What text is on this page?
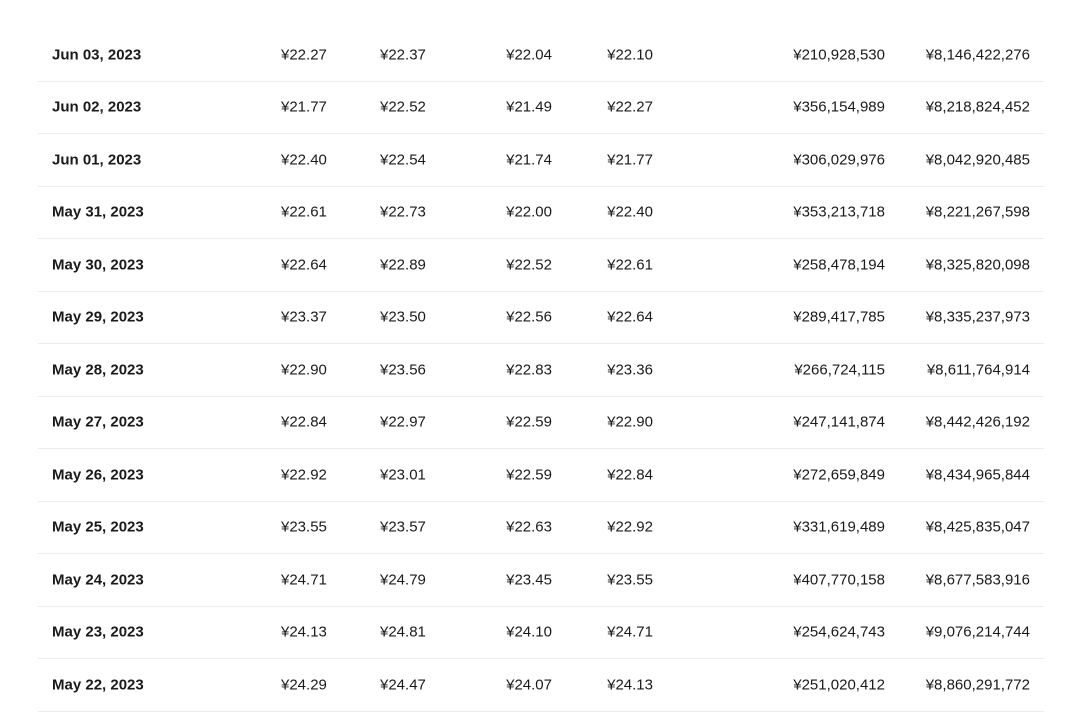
Jun 03, 2023	¥22.27	¥22.37	¥22.04	¥22.10	¥210,928,530	¥8,146,422,276
Jun 02, 2023	¥21.77	¥22.52	¥21.49	¥22.27	¥356,154,989	¥8,218,824,452
Jun 01, 2023	¥22.40	¥22.54	¥21.74	¥21.77	¥306,029,976	¥8,042,920,485
May 31, 2023	¥22.61	¥22.73	¥22.00	¥22.40	¥353,213,718	¥8,221,267,598
May 30, 2023	¥22.64	¥22.89	¥22.52	¥22.61	¥258,478,194	¥8,325,820,098
May 29, 2023	¥23.37	¥23.50	¥22.56	¥22.64	¥289,417,785	¥8,335,237,973
May 28, 2023	¥22.90	¥23.56	¥22.83	¥23.36	¥266,724,115	¥8,611,764,914
May 27, 2023	¥22.84	¥22.97	¥22.59	¥22.90	¥247,141,874	¥8,442,426,192
May 26, 2023	¥22.92	¥23.01	¥22.59	¥22.84	¥272,659,849	¥8,434,965,844
May 25, 2023	¥23.55	¥23.57	¥22.63	¥22.92	¥331,619,489	¥8,425,835,047
May 24, 2023	¥24.71	¥24.79	¥23.45	¥23.55	¥407,770,158	¥8,677,583,916
May 23, 2023	¥24.13	¥24.81	¥24.10	¥24.71	¥254,624,743	¥9,076,214,744
May 22, 2023	¥24.29	¥24.47	¥24.07	¥24.13	¥251,020,412	¥8,860,291,772
